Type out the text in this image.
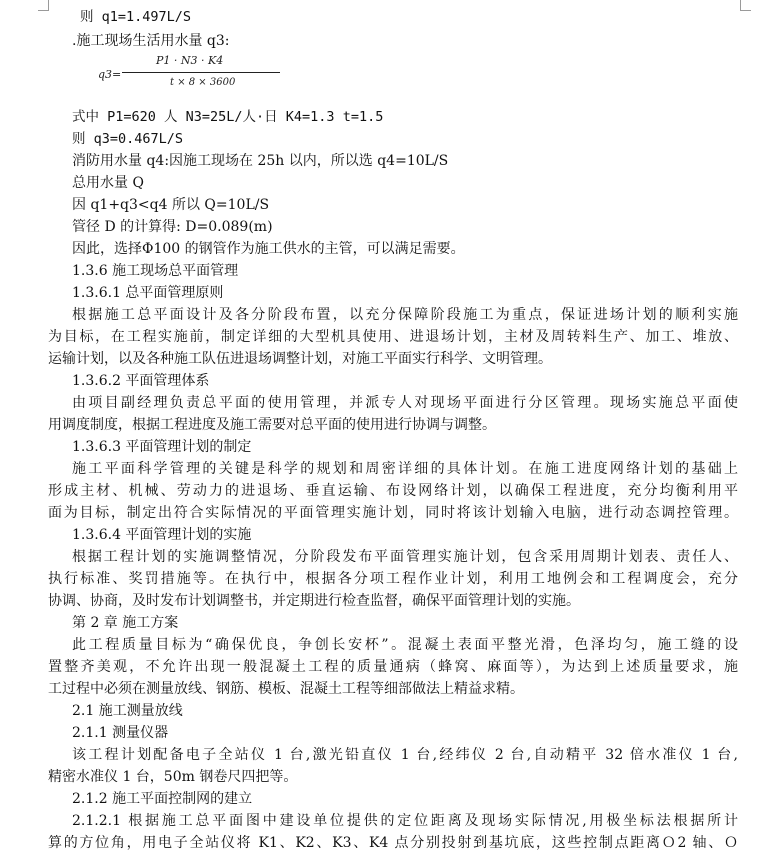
则 q1=1.497L/S
.施工现场生活用水量 q3:
q3=
P1 · N3 · K4
t × 8 × 3600
式中 P1=620 人 N3=25L/人·日 K4=1.3 t=1.5
则 q3=0.467L/S
消防用水量 q4:因施工现场在 25h 以内，所以选 q4=10L/S
总用水量 Q
因 q1+q3<q4 所以 Q=10L/S
管径 D 的计算得: D=0.089(m)
因此，选择Φ100 的钢管作为施工供水的主管，可以满足需要。
1.3.6 施工现场总平面管理
1.3.6.1 总平面管理原则
根据施工总平面设计及各分阶段布置，以充分保障阶段施工为重点，保证进场计划的顺利实施
为目标，在工程实施前，制定详细的大型机具使用、进退场计划，主材及周转料生产、加工、堆放、
运输计划，以及各种施工队伍进退场调整计划，对施工平面实行科学、文明管理。
1.3.6.2 平面管理体系
由项目副经理负责总平面的使用管理，并派专人对现场平面进行分区管理。现场实施总平面使
用调度制度，根据工程进度及施工需要对总平面的使用进行协调与调整。
1.3.6.3 平面管理计划的制定
施工平面科学管理的关键是科学的规划和周密详细的具体计划。在施工进度网络计划的基础上
形成主材、机械、劳动力的进退场、垂直运输、布设网络计划，以确保工程进度，充分均衡利用平
面为目标，制定出符合实际情况的平面管理实施计划，同时将该计划输入电脑，进行动态调控管理。
1.3.6.4 平面管理计划的实施
根据工程计划的实施调整情况，分阶段发布平面管理实施计划，包含采用周期计划表、责任人、
执行标准、奖罚措施等。在执行中，根据各分项工程作业计划，利用工地例会和工程调度会，充分
协调、协商，及时发布计划调整书，并定期进行检查监督，确保平面管理计划的实施。
第 2 章 施工方案
此工程质量目标为“确保优良，争创长安杯”。混凝土表面平整光滑，色泽均匀，施工缝的设
置整齐美观，不允许出现一般混凝土工程的质量通病（蜂窝、麻面等），为达到上述质量要求，施
工过程中必须在测量放线、钢筋、模板、混凝土工程等细部做法上精益求精。
2.1 施工测量放线
2.1.1 测量仪器
该工程计划配备电子全站仪 1 台,激光铅直仪 1 台,经纬仪 2 台,自动精平 32 倍水准仪 1 台,
精密水准仪 1 台，50m 钢卷尺四把等。
2.1.2 施工平面控制网的建立
2.1.2.1 根据施工总平面图中建设单位提供的定位距离及现场实际情况,用极坐标法根据所计
算的方位角，用电子全站仪将 K1、K2、K3、K4 点分别投射到基坑底，这些控制点距离Ｏ2 轴、Ｏ
